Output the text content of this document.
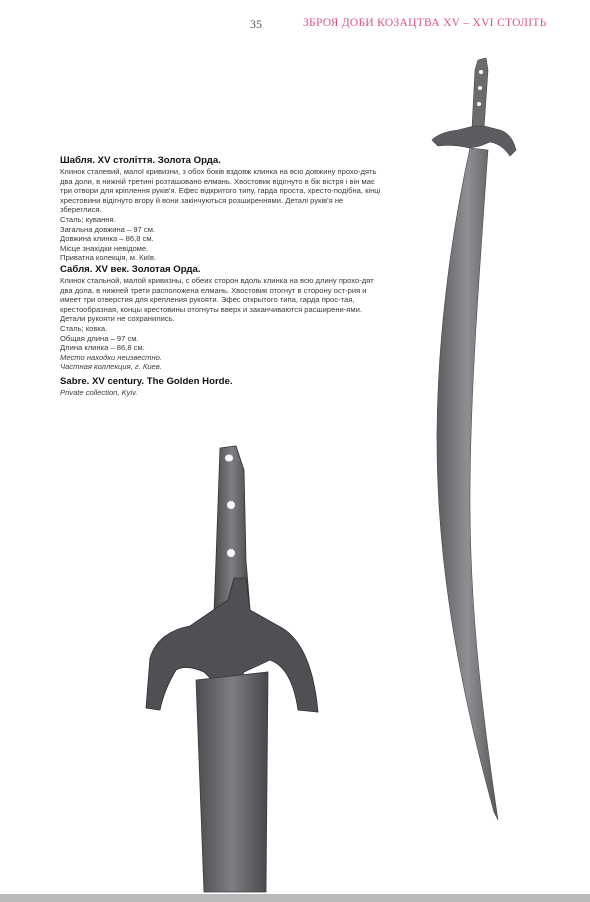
35	ЗБРОЯ ДОБИ КОЗАЦТВА XV – XVI СТОЛІТЬ

Шабля. XV століття. Золота Орда.

Клинок сталевий, малої кривизни, з обох боків вздовж клинка на всю довжину прохо-дять два доли, в нижній третині розташовано елмань. Хвостовик відігнуто в бік вістря і він має три отвори для кріплення руків'я. Ефес відкритого типу, гарда проста, хресто-подібна, кінці хрестовини відігнуто вгору й вони закінчуються розширеннями. Деталі руків'я не збереглися.

Сталь; кування.

Загальна довжина – 97 см.

Довжина клинка – 86,8 см.

Місце знахідки невідоме.

Приватна колекція, м. Київ.

Сабля. XV век. Золотая Орда.

Клинок стальной, малой кривизны, с обеих сторон вдоль клинка на всю длину прохо-дят два дола, в нижней трети расположена елмань. Хвостовик отогнут в сторону ост-рия и имеет три отверстия для крепления рукояти. Эфес открытого типа, гарда прос-тая, крестообразная, концы крестовины отогнуты вверх и заканчиваются расширени-ями. Детали рукояти не сохранились.

Сталь; ковка.

Общая длина – 97 см.

Длина клинка – 86,8 см.

Место находки неизвестно.

Частная коллекция, г. Киев.

Sabre. XV century. The Golden Horde.

Private collection, Kyiv.
